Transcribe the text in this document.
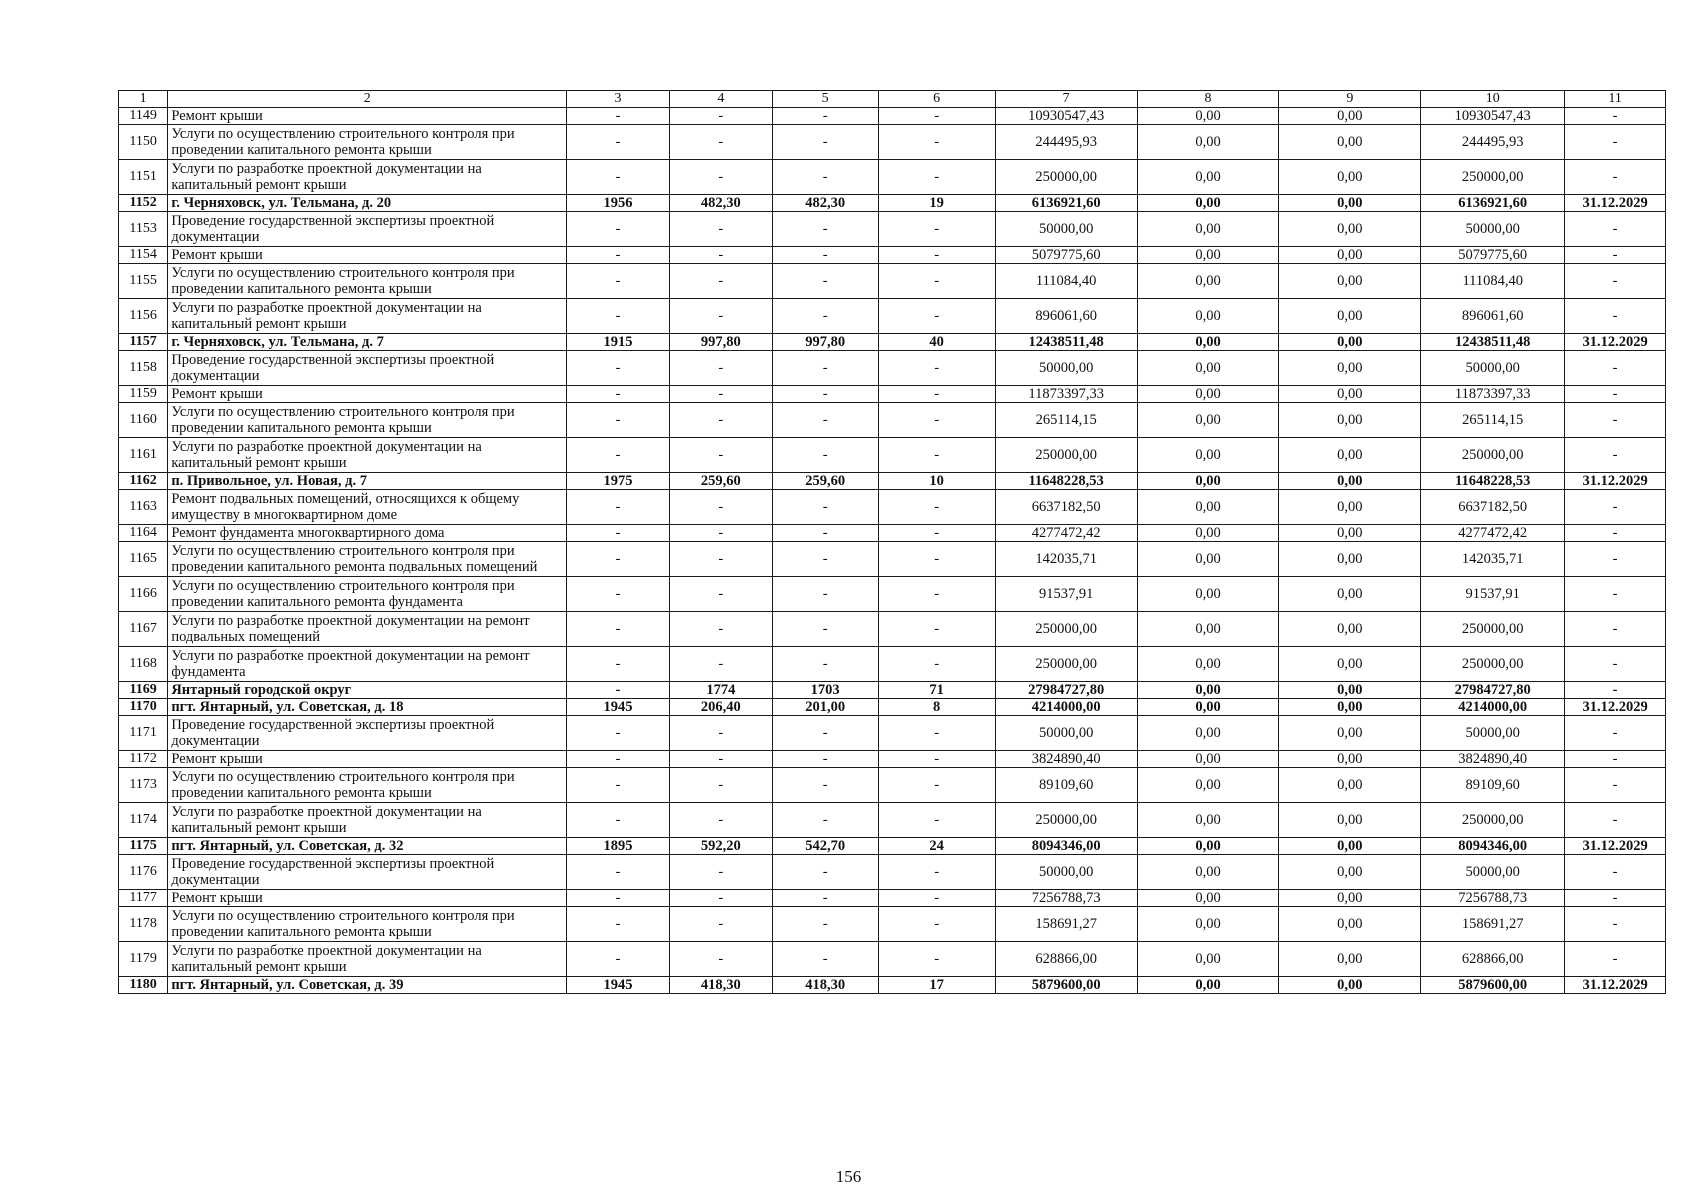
1	2	3	4	5	6	7	8	9	10	11
1149	Ремонт крыши	-	-	-	-	10930547,43	0,00	0,00	10930547,43	-
1150	Услуги по осуществлению строительного контроля при проведении капитального ремонта крыши	-	-	-	-	244495,93	0,00	0,00	244495,93	-
1151	Услуги по разработке проектной документации на капитальный ремонт крыши	-	-	-	-	250000,00	0,00	0,00	250000,00	-
1152	г. Черняховск, ул. Тельмана, д. 20	1956	482,30	482,30	19	6136921,60	0,00	0,00	6136921,60	31.12.2029
1153	Проведение государственной экспертизы проектной документации	-	-	-	-	50000,00	0,00	0,00	50000,00	-
1154	Ремонт крыши	-	-	-	-	5079775,60	0,00	0,00	5079775,60	-
1155	Услуги по осуществлению строительного контроля при проведении капитального ремонта крыши	-	-	-	-	111084,40	0,00	0,00	111084,40	-
1156	Услуги по разработке проектной документации на капитальный ремонт крыши	-	-	-	-	896061,60	0,00	0,00	896061,60	-
1157	г. Черняховск, ул. Тельмана, д. 7	1915	997,80	997,80	40	12438511,48	0,00	0,00	12438511,48	31.12.2029
1158	Проведение государственной экспертизы проектной документации	-	-	-	-	50000,00	0,00	0,00	50000,00	-
1159	Ремонт крыши	-	-	-	-	11873397,33	0,00	0,00	11873397,33	-
1160	Услуги по осуществлению строительного контроля при проведении капитального ремонта крыши	-	-	-	-	265114,15	0,00	0,00	265114,15	-
1161	Услуги по разработке проектной документации на капитальный ремонт крыши	-	-	-	-	250000,00	0,00	0,00	250000,00	-
1162	п. Привольное, ул. Новая, д. 7	1975	259,60	259,60	10	11648228,53	0,00	0,00	11648228,53	31.12.2029
1163	Ремонт подвальных помещений, относящихся к общему имуществу в многоквартирном доме	-	-	-	-	6637182,50	0,00	0,00	6637182,50	-
1164	Ремонт фундамента многоквартирного дома	-	-	-	-	4277472,42	0,00	0,00	4277472,42	-
1165	Услуги по осуществлению строительного контроля при проведении капитального ремонта подвальных помещений	-	-	-	-	142035,71	0,00	0,00	142035,71	-
1166	Услуги по осуществлению строительного контроля при проведении капитального ремонта фундамента	-	-	-	-	91537,91	0,00	0,00	91537,91	-
1167	Услуги по разработке проектной документации на ремонт подвальных помещений	-	-	-	-	250000,00	0,00	0,00	250000,00	-
1168	Услуги по разработке проектной документации на ремонт фундамента	-	-	-	-	250000,00	0,00	0,00	250000,00	-
1169	Янтарный городской округ	-	1774	1703	71	27984727,80	0,00	0,00	27984727,80	-
1170	пгт. Янтарный, ул. Советская, д. 18	1945	206,40	201,00	8	4214000,00	0,00	0,00	4214000,00	31.12.2029
1171	Проведение государственной экспертизы проектной документации	-	-	-	-	50000,00	0,00	0,00	50000,00	-
1172	Ремонт крыши	-	-	-	-	3824890,40	0,00	0,00	3824890,40	-
1173	Услуги по осуществлению строительного контроля при проведении капитального ремонта крыши	-	-	-	-	89109,60	0,00	0,00	89109,60	-
1174	Услуги по разработке проектной документации на капитальный ремонт крыши	-	-	-	-	250000,00	0,00	0,00	250000,00	-
1175	пгт. Янтарный, ул. Советская, д. 32	1895	592,20	542,70	24	8094346,00	0,00	0,00	8094346,00	31.12.2029
1176	Проведение государственной экспертизы проектной документации	-	-	-	-	50000,00	0,00	0,00	50000,00	-
1177	Ремонт крыши	-	-	-	-	7256788,73	0,00	0,00	7256788,73	-
1178	Услуги по осуществлению строительного контроля при проведении капитального ремонта крыши	-	-	-	-	158691,27	0,00	0,00	158691,27	-
1179	Услуги по разработке проектной документации на капитальный ремонт крыши	-	-	-	-	628866,00	0,00	0,00	628866,00	-
1180	пгт. Янтарный, ул. Советская, д. 39	1945	418,30	418,30	17	5879600,00	0,00	0,00	5879600,00	31.12.2029
156
